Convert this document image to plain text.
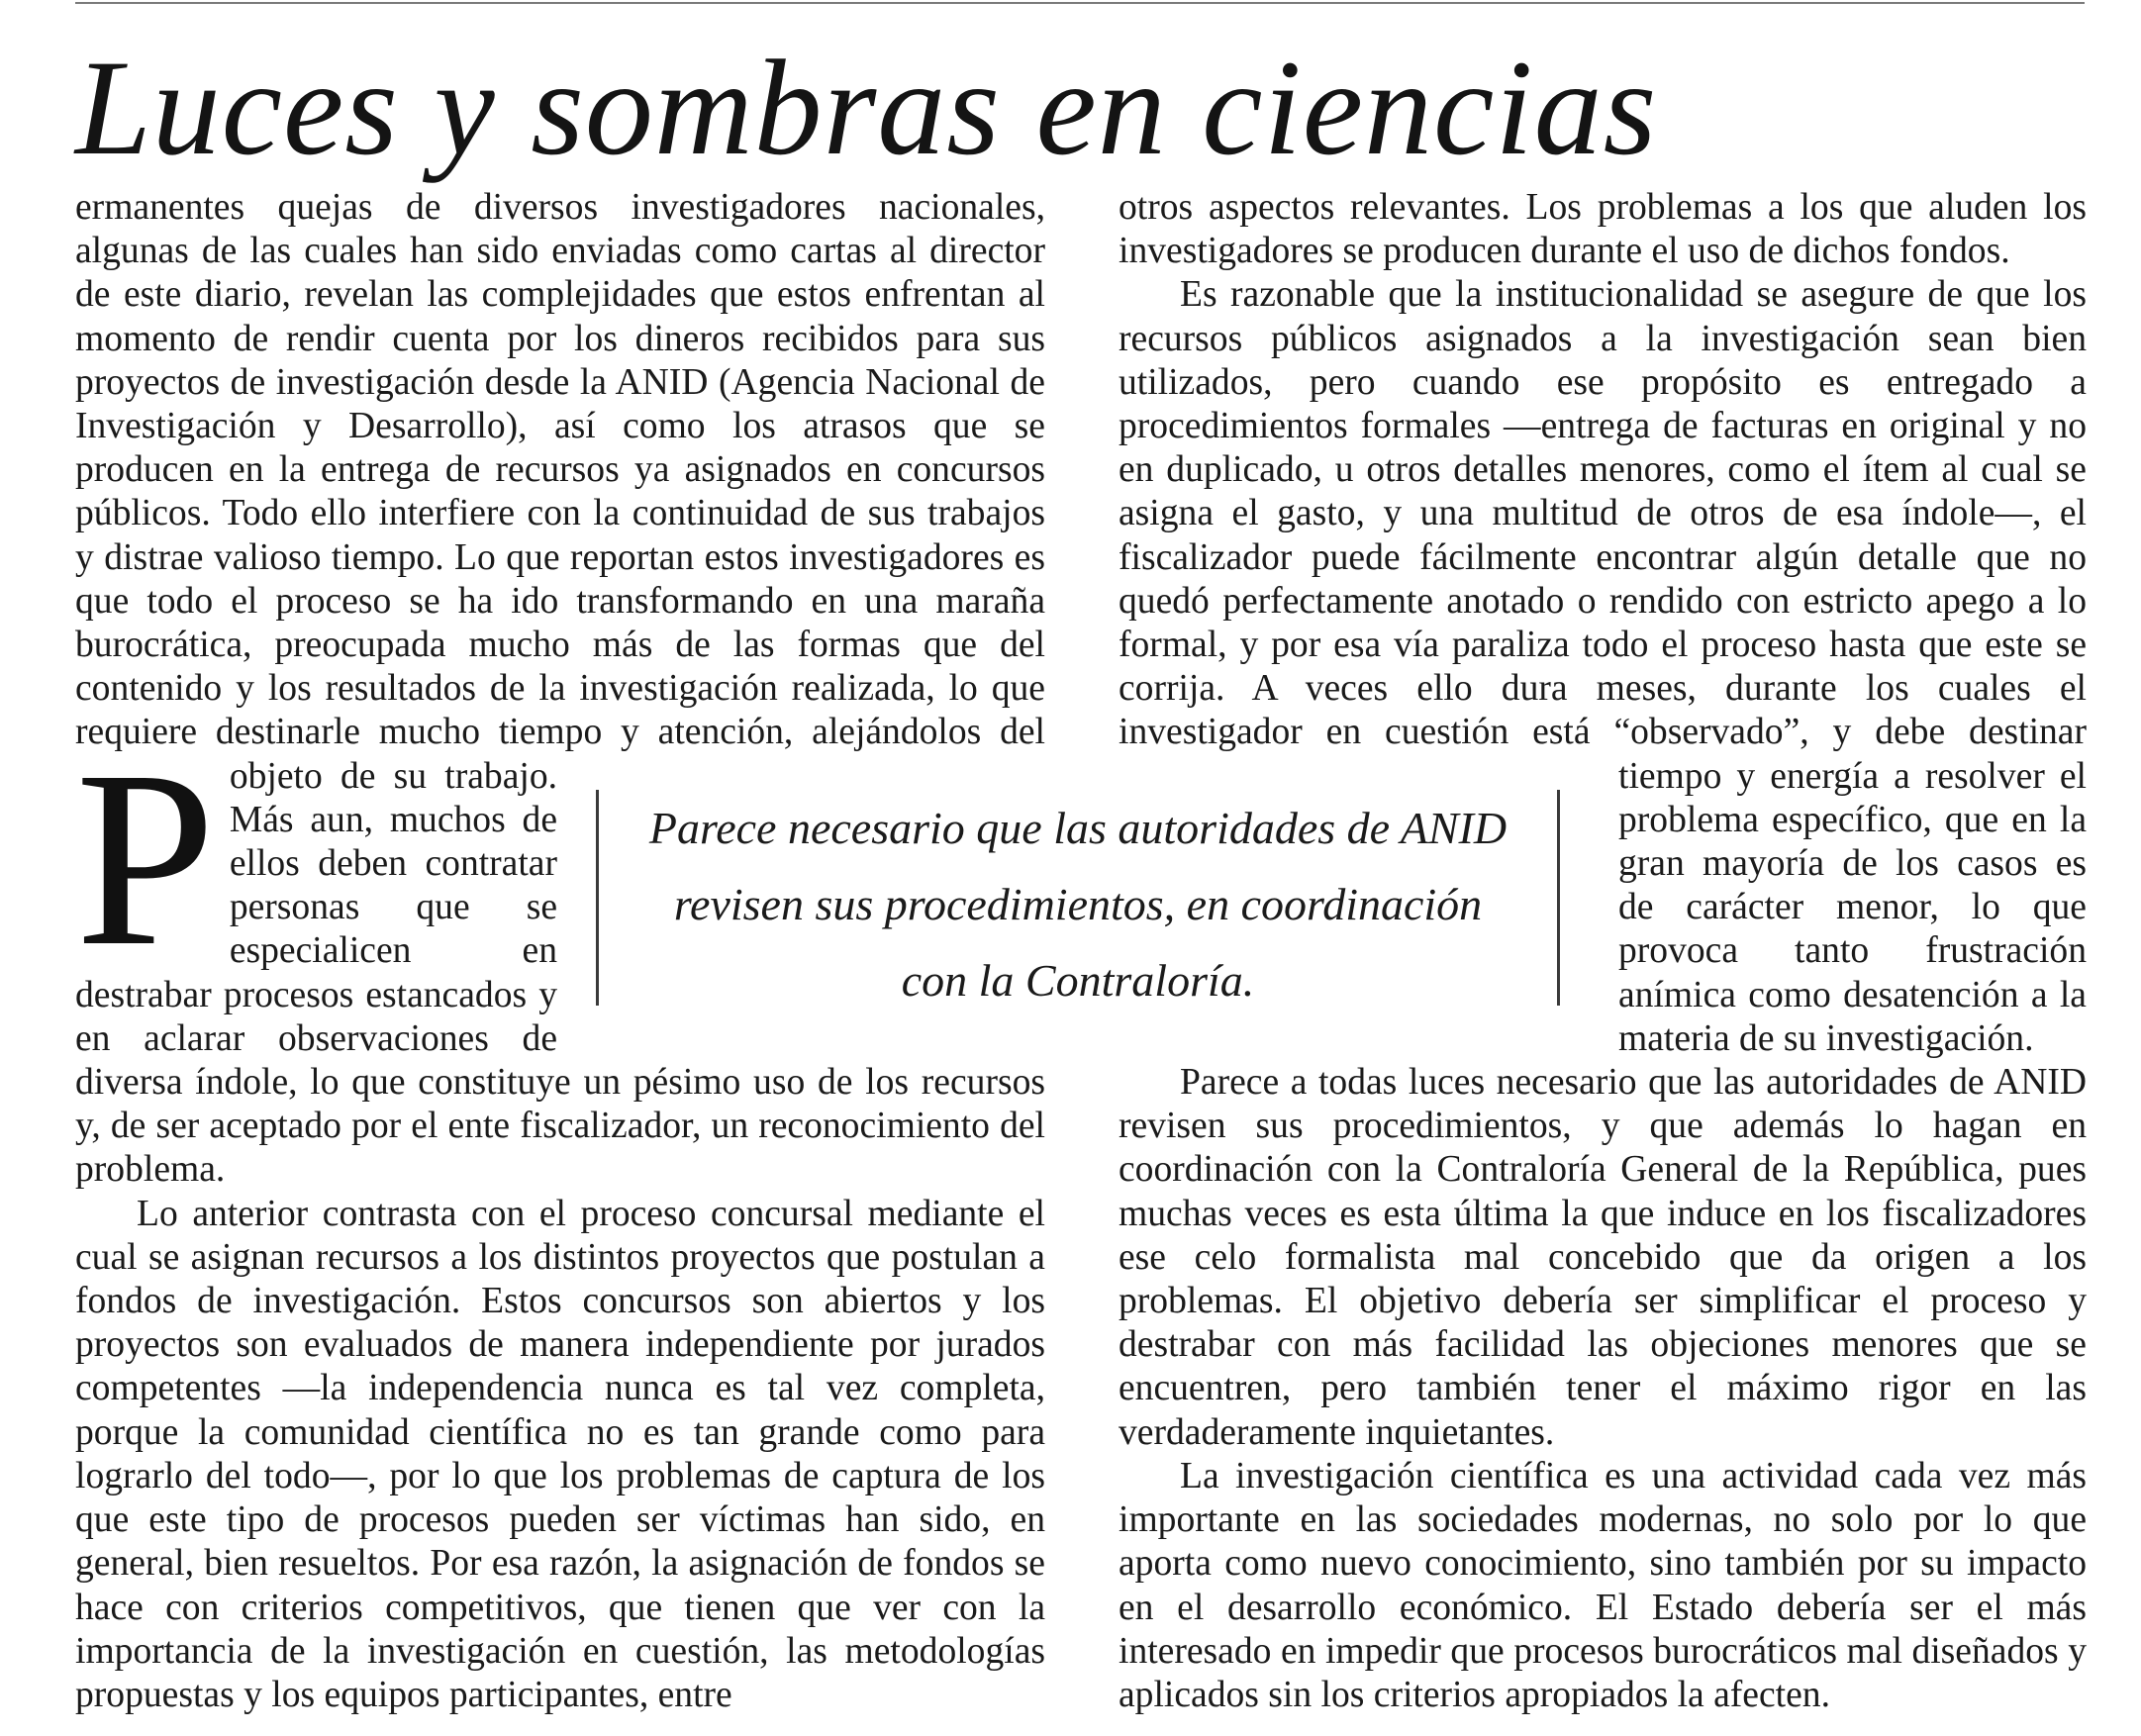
Luces y sombras en ciencias

P
ermanentes quejas de diversos investigadores nacionales, algunas de las cuales han sido enviadas como cartas al director de este diario, revelan las complejidades que estos enfrentan al momento de rendir cuenta por los dineros recibidos para sus proyectos de investigación desde la ANID (Agencia Nacional de Investigación y Desarrollo), así como los atrasos que se producen en la entrega de recursos ya asignados en concursos públicos. Todo ello interfiere con la continuidad de sus trabajos y distrae valioso tiempo. Lo que reportan estos investigadores es que todo el proceso se ha ido transformando en una maraña burocrática, preocupada mucho más de las formas que del contenido y los resultados de la investigación realizada, lo que requiere destinarle mucho tiempo y atención, alejándolos del objeto de su trabajo. Más aun, muchos de ellos deben contratar personas que se especialicen en destrabar procesos estancados y en aclarar observaciones de diversa índole, lo que constituye un pésimo uso de los recursos y, de ser aceptado por el ente fiscalizador, un reconocimiento del problema.

Lo anterior contrasta con el proceso concursal mediante el cual se asignan recursos a los distintos proyectos que postulan a fondos de investigación. Estos concursos son abiertos y los proyectos son evaluados de manera independiente por jurados competentes —la independencia nunca es tal vez completa, porque la comunidad científica no es tan grande como para lograrlo del todo—, por lo que los problemas de captura de los que este tipo de procesos pueden ser víctimas han sido, en general, bien resueltos. Por esa razón, la asignación de fondos se hace con criterios competitivos, que tienen que ver con la importancia de la investigación en cuestión, las metodologías propuestas y los equipos participantes, entre

otros aspectos relevantes. Los problemas a los que aluden los investigadores se producen durante el uso de dichos fondos.

Es razonable que la institucionalidad se asegure de que los recursos públicos asignados a la investigación sean bien utilizados, pero cuando ese propósito es entregado a procedimientos formales —entrega de facturas en original y no en duplicado, u otros detalles menores, como el ítem al cual se asigna el gasto, y una multitud de otros de esa índole—, el fiscalizador puede fácilmente encontrar algún detalle que no quedó perfectamente anotado o rendido con estricto apego a lo formal, y por esa vía paraliza todo el proceso hasta que este se corrija. A veces ello dura meses, durante los cuales el investigador en cuestión está “observado”, y debe destinar tiempo y energía a resolver el problema específico, que en la gran mayoría de los casos es de carácter menor, lo que provoca tanto frustración anímica como desatención a la materia de su investigación.

Parece a todas luces necesario que las autoridades de ANID revisen sus procedimientos, y que además lo hagan en coordinación con la Contraloría General de la República, pues muchas veces es esta última la que induce en los fiscalizadores ese celo formalista mal concebido que da origen a los problemas. El objetivo debería ser simplificar el proceso y destrabar con más facilidad las objeciones menores que se encuentren, pero también tener el máximo rigor en las verdaderamente inquietantes.

La investigación científica es una actividad cada vez más importante en las sociedades modernas, no solo por lo que aporta como nuevo conocimiento, sino también por su impacto en el desarrollo económico. El Estado debería ser el más interesado en impedir que procesos burocráticos mal diseñados y aplicados sin los criterios apropiados la afecten.

Parece necesario que las autoridades de ANID
revisen sus procedimientos, en coordinación
con la Contraloría.
